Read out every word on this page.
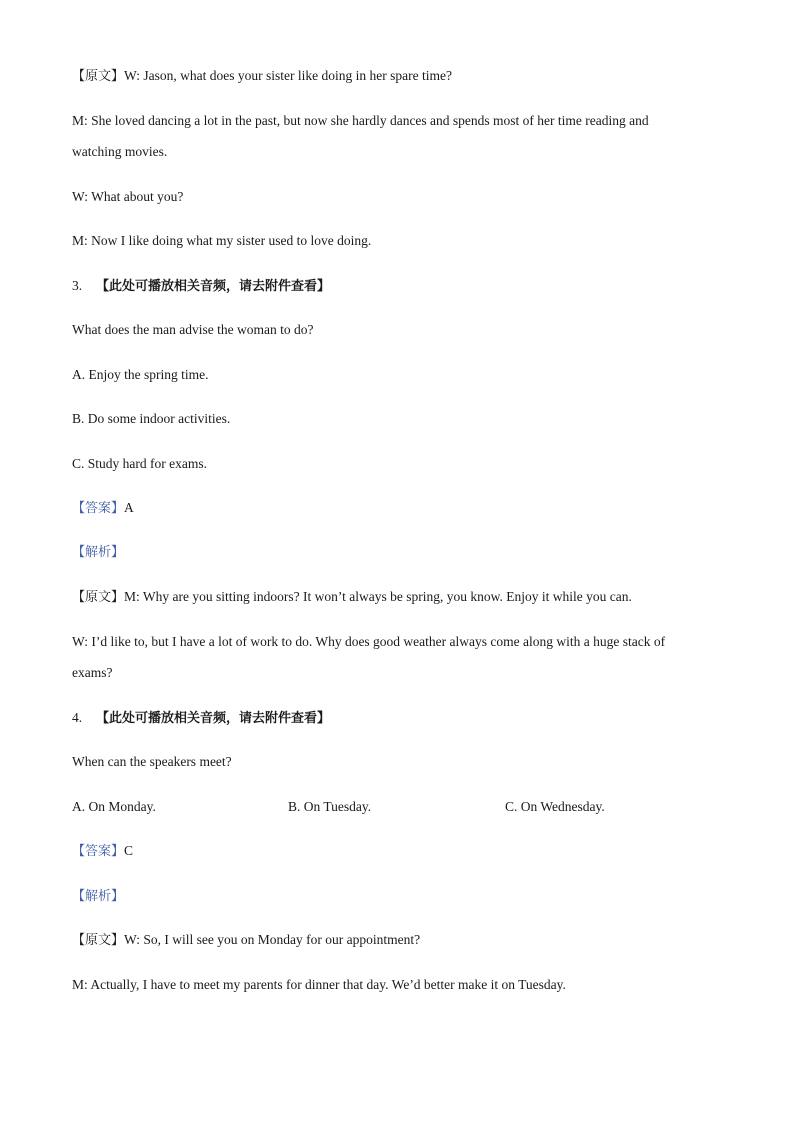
【原文】W: Jason, what does your sister like doing in her spare time?
M: She loved dancing a lot in the past, but now she hardly dances and spends most of her time reading and
watching movies.
W: What about you?
M: Now I like doing what my sister used to love doing.
3. 【此处可播放相关音频，请去附件查看】
What does the man advise the woman to do?
A. Enjoy the spring time.
B. Do some indoor activities.
C. Study hard for exams.
【答案】A
【解析】
【原文】M: Why are you sitting indoors? It won’t always be spring, you know. Enjoy it while you can.
W: I’d like to, but I have a lot of work to do. Why does good weather always come along with a huge stack of
exams?
4. 【此处可播放相关音频，请去附件查看】
When can the speakers meet?
A. On Monday.	B. On Tuesday.	C. On Wednesday.
【答案】C
【解析】
【原文】W: So, I will see you on Monday for our appointment?
M: Actually, I have to meet my parents for dinner that day. We’d better make it on Tuesday.
